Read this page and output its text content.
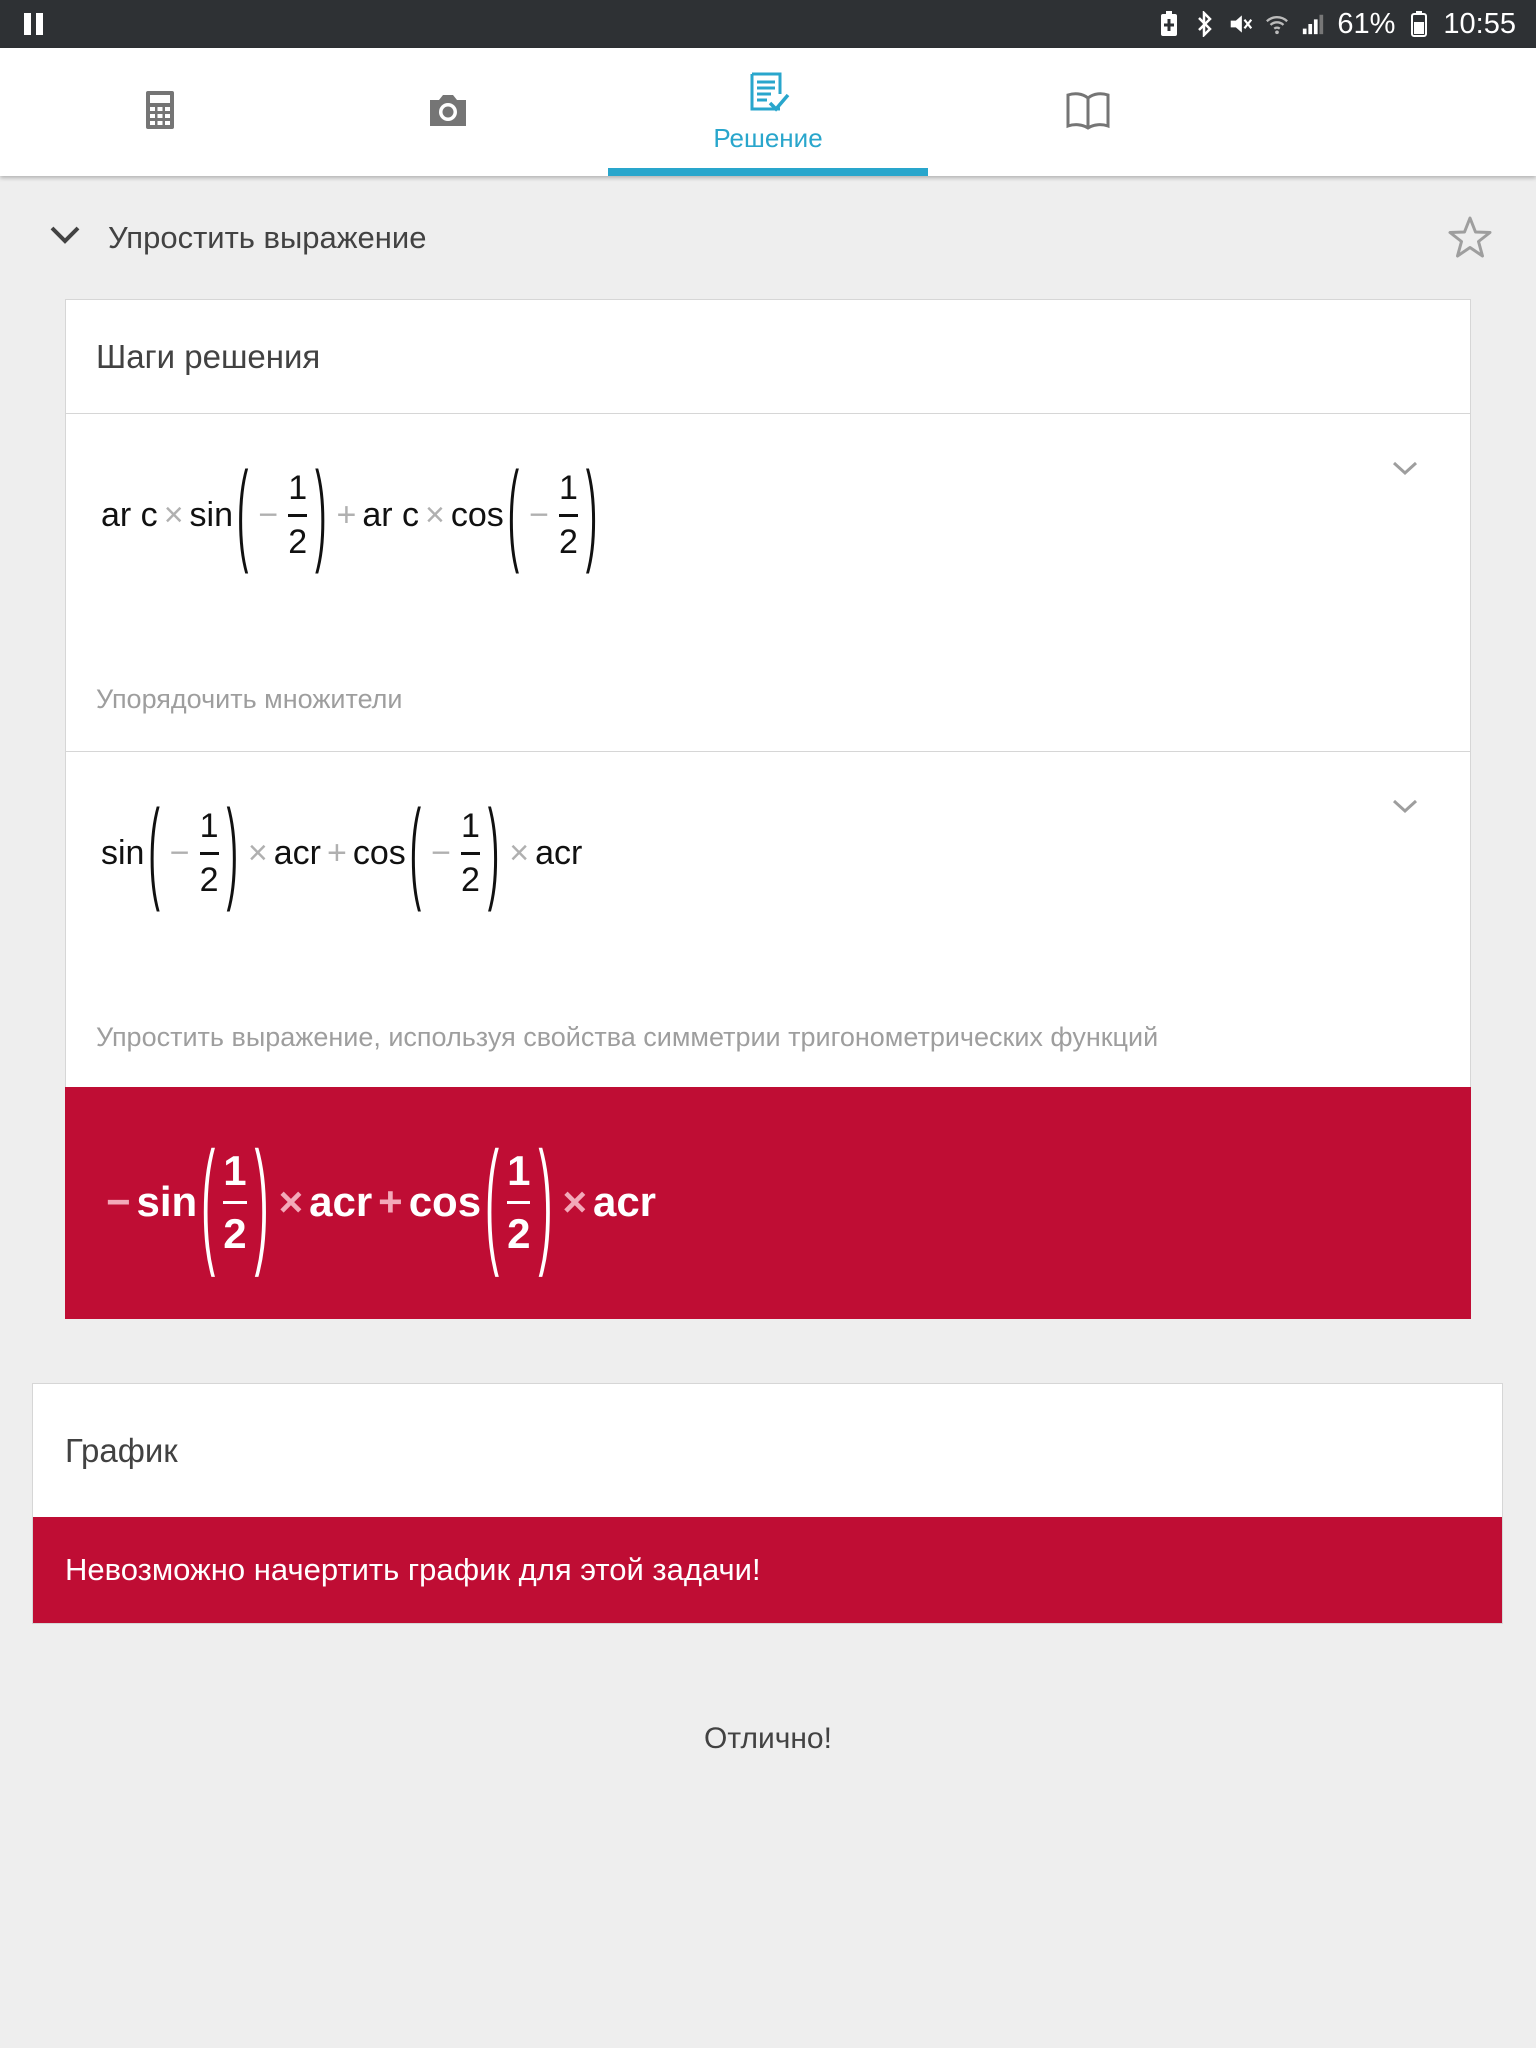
61% 10:55
Решение
Упростить выражение
Шаги решения
ar c × sin ( − $\frac{1}{2}$ ) + ar c × cos ( − $\frac{1}{2}$ )
Упорядочить множители
sin ( − $\frac{1}{2}$ ) × acr + cos ( − $\frac{1}{2}$ ) × acr
Упростить выражение, используя свойства симметрии тригонометрических функций
− sin ( $\frac{1}{2}$ ) × acr + cos ( $\frac{1}{2}$ ) × acr
График
Невозможно начертить график для этой задачи!
Отлично!
